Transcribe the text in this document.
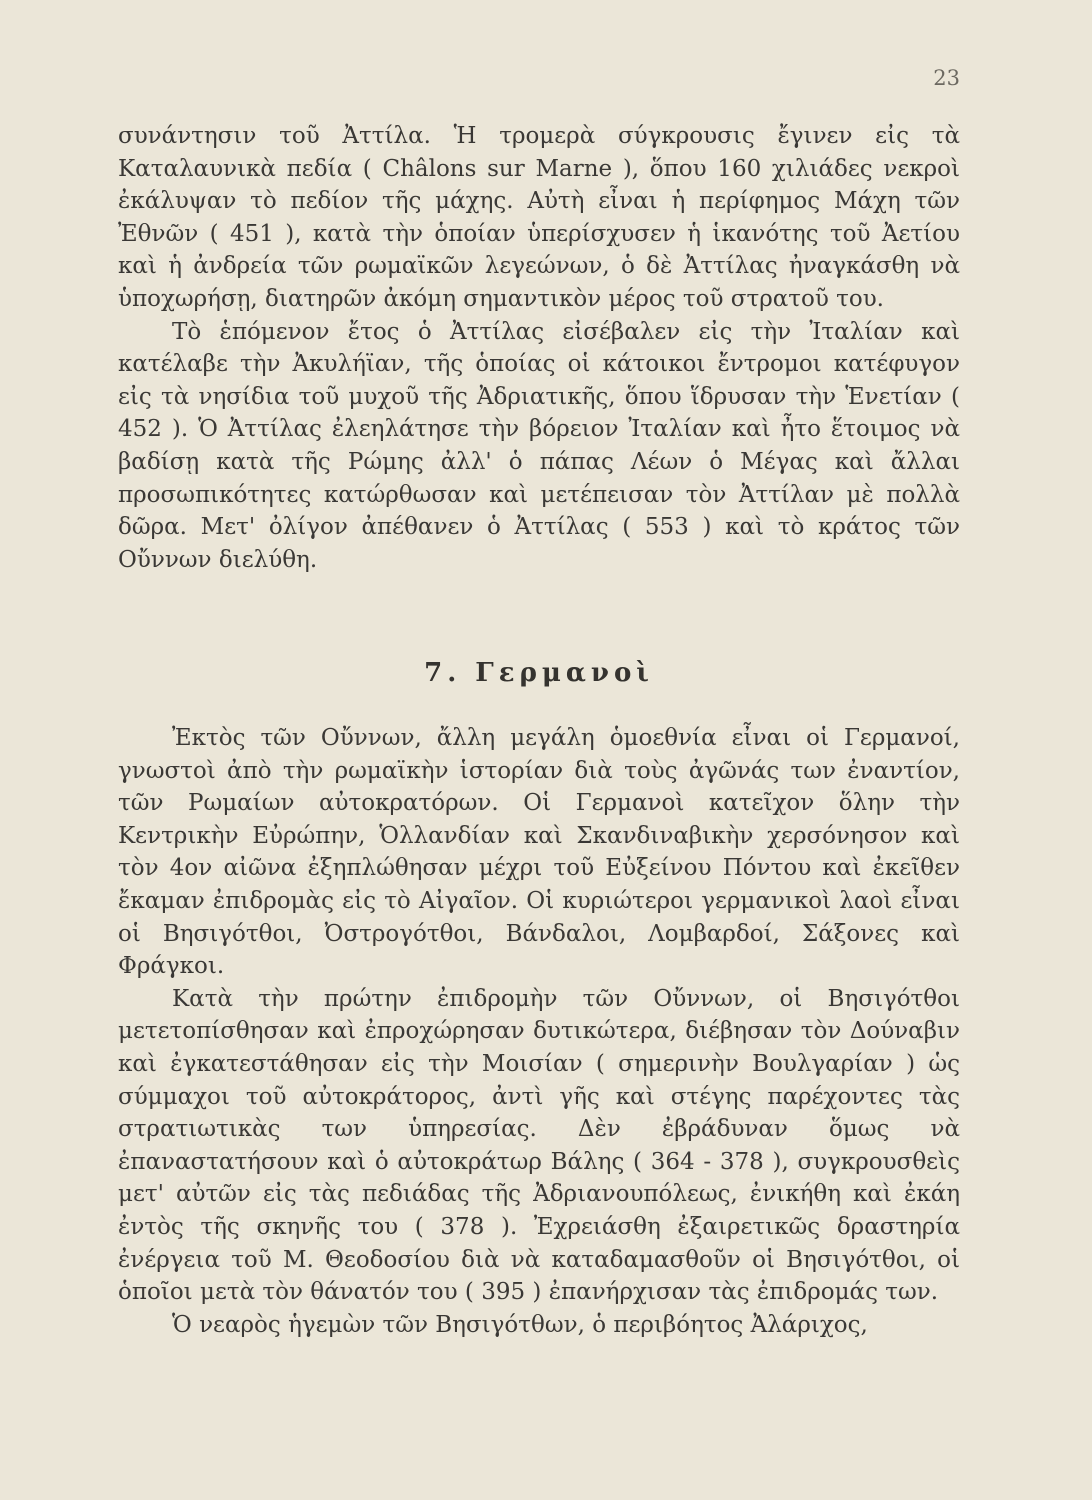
23

συνάντησιν τοῦ Ἀττίλα. Ἡ τρομερὰ σύγκρουσις ἔγινεν εἰς τὰ Καταλαυνικὰ πεδία ( Châlons sur Marne ), ὅπου 160 χιλιάδες νεκροὶ ἐκάλυψαν τὸ πεδίον τῆς μάχης. Αὐτὴ εἶναι ἡ περίφημος Μάχη τῶν Ἐθνῶν ( 451 ), κατὰ τὴν ὁποίαν ὑπερίσχυσεν ἡ ἱκανότης τοῦ Ἀετίου καὶ ἡ ἀνδρεία τῶν ρωμαϊκῶν λεγεώνων, ὁ δὲ Ἀττίλας ἠναγκάσθη νὰ ὑποχωρήσῃ, διατηρῶν ἀκόμη σημαντικὸν μέρος τοῦ στρατοῦ του.

Τὸ ἑπόμενον ἔτος ὁ Ἀττίλας εἰσέβαλεν εἰς τὴν Ἰταλίαν καὶ κατέλαβε τὴν Ἀκυλήϊαν, τῆς ὁποίας οἱ κάτοικοι ἔντρομοι κατέφυγον εἰς τὰ νησίδια τοῦ μυχοῦ τῆς Ἀδριατικῆς, ὅπου ἵδρυσαν τὴν Ἑνετίαν ( 452 ). Ὁ Ἀττίλας ἐλεηλάτησε τὴν βόρειον Ἰταλίαν καὶ ἦτο ἕτοιμος νὰ βαδίσῃ κατὰ τῆς Ρώμης ἀλλ' ὁ πάπας Λέων ὁ Μέγας καὶ ἄλλαι προσωπικότητες κατώρθωσαν καὶ μετέπεισαν τὸν Ἀττίλαν μὲ πολλὰ δῶρα. Μετ' ὀλίγον ἀπέθανεν ὁ Ἀττίλας ( 553 ) καὶ τὸ κράτος τῶν Οὔννων διελύθη.

7. Γερμανοὶ

Ἐκτὸς τῶν Οὔννων, ἄλλη μεγάλη ὁμοεθνία εἶναι οἱ Γερμανοί, γνωστοὶ ἀπὸ τὴν ρωμαϊκὴν ἱστορίαν διὰ τοὺς ἀγῶνάς των ἐναντίον, τῶν Ρωμαίων αὐτοκρατόρων. Οἱ Γερμανοὶ κατεῖχον ὅλην τὴν Κεντρικὴν Εὐρώπην, Ὁλλανδίαν καὶ Σκανδιναβικὴν χερσόνησον καὶ τὸν 4ον αἰῶνα ἐξηπλώθησαν μέχρι τοῦ Εὐξείνου Πόντου καὶ ἐκεῖθεν ἔκαμαν ἐπιδρομὰς εἰς τὸ Αἰγαῖον. Οἱ κυριώτεροι γερμανικοὶ λαοὶ εἶναι οἱ Βησιγότθοι, Ὀστρογότθοι, Βάνδαλοι, Λομβαρδοί, Σάξονες καὶ Φράγκοι.

Κατὰ τὴν πρώτην ἐπιδρομὴν τῶν Οὔννων, οἱ Βησιγότθοι μετετοπίσθησαν καὶ ἐπροχώρησαν δυτικώτερα, διέβησαν τὸν Δούναβιν καὶ ἐγκατεστάθησαν εἰς τὴν Μοισίαν ( σημερινὴν Βουλγαρίαν ) ὡς σύμμαχοι τοῦ αὐτοκράτορος, ἀντὶ γῆς καὶ στέγης παρέχοντες τὰς στρατιωτικὰς των ὑπηρεσίας. Δὲν ἐβράδυναν ὅμως νὰ ἐπαναστατήσουν καὶ ὁ αὐτοκράτωρ Βάλης ( 364 - 378 ), συγκρουσθεὶς μετ' αὐτῶν εἰς τὰς πεδιάδας τῆς Ἀδριανουπόλεως, ἐνικήθη καὶ ἐκάη ἐντὸς τῆς σκηνῆς του ( 378 ). Ἐχρειάσθη ἐξαιρετικῶς δραστηρία ἐνέργεια τοῦ Μ. Θεοδοσίου διὰ νὰ καταδαμασθοῦν οἱ Βησιγότθοι, οἱ ὁποῖοι μετὰ τὸν θάνατόν του ( 395 ) ἐπανήρχισαν τὰς ἐπιδρομάς των.

Ὁ νεαρὸς ἡγεμὼν τῶν Βησιγότθων, ὁ περιβόητος Ἀλάριχος,
